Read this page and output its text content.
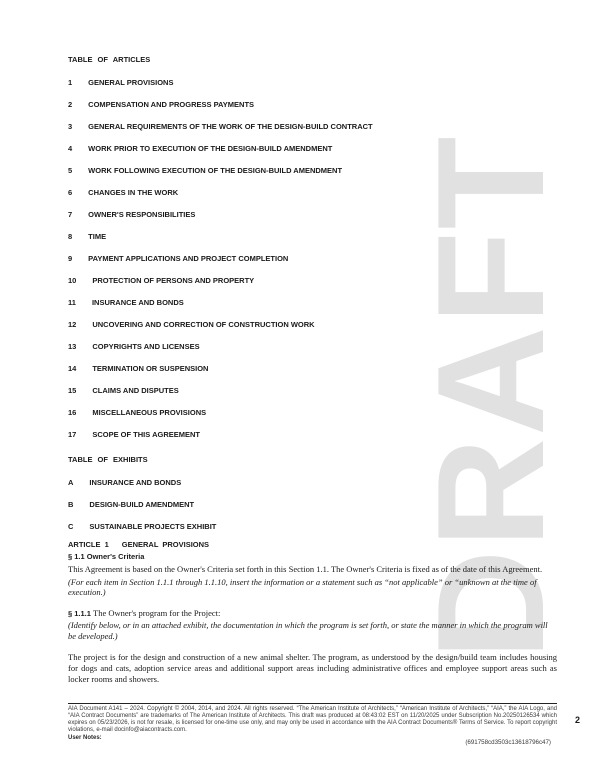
DRAFT
TABLE OF ARTICLES
1 GENERAL PROVISIONS
2 COMPENSATION AND PROGRESS PAYMENTS
3 GENERAL REQUIREMENTS OF THE WORK OF THE DESIGN-BUILD CONTRACT
4 WORK PRIOR TO EXECUTION OF THE DESIGN-BUILD AMENDMENT
5 WORK FOLLOWING EXECUTION OF THE DESIGN-BUILD AMENDMENT
6 CHANGES IN THE WORK
7 OWNER'S RESPONSIBILITIES
8 TIME
9 PAYMENT APPLICATIONS AND PROJECT COMPLETION
10 PROTECTION OF PERSONS AND PROPERTY
11 INSURANCE AND BONDS
12 UNCOVERING AND CORRECTION OF CONSTRUCTION WORK
13 COPYRIGHTS AND LICENSES
14 TERMINATION OR SUSPENSION
15 CLAIMS AND DISPUTES
16 MISCELLANEOUS PROVISIONS
17 SCOPE OF THIS AGREEMENT
TABLE OF EXHIBITS
A INSURANCE AND BONDS
B DESIGN-BUILD AMENDMENT
C SUSTAINABLE PROJECTS EXHIBIT
ARTICLE 1 GENERAL PROVISIONS
§ 1.1 Owner's Criteria
This Agreement is based on the Owner's Criteria set forth in this Section 1.1. The Owner's Criteria is fixed as of the date of this Agreement.
(For each item in Section 1.1.1 through 1.1.10, insert the information or a statement such as “not applicable” or “unknown at the time of execution.)
§ 1.1.1 The Owner's program for the Project:
(Identify below, or in an attached exhibit, the documentation in which the program is set forth, or state the manner in which the program will be developed.)
The project is for the design and construction of a new animal shelter. The program, as understood by the design/build team includes housing for dogs and cats, adoption service areas and additional support areas including administrative offices and employee support areas such as locker rooms and showers.
AIA Document A141 – 2024. Copyright © 2004, 2014, and 2024. All rights reserved. “The American Institute of Architects,” “American Institute of Architects,” “AIA,” the AIA Logo, and “AIA Contract Documents” are trademarks of The American Institute of Architects. This draft was produced at 08:43:02 EST on 11/20/2025 under Subscription No.20250126534 which expires on 05/23/2026, is not for resale, is licensed for one-time use only, and may only be used in accordance with the AIA Contract Documents® Terms of Service. To report copyright violations, e-mail docinfo@aiacontracts.com.
User Notes:
(691758cd3503c13618796c47)
2
